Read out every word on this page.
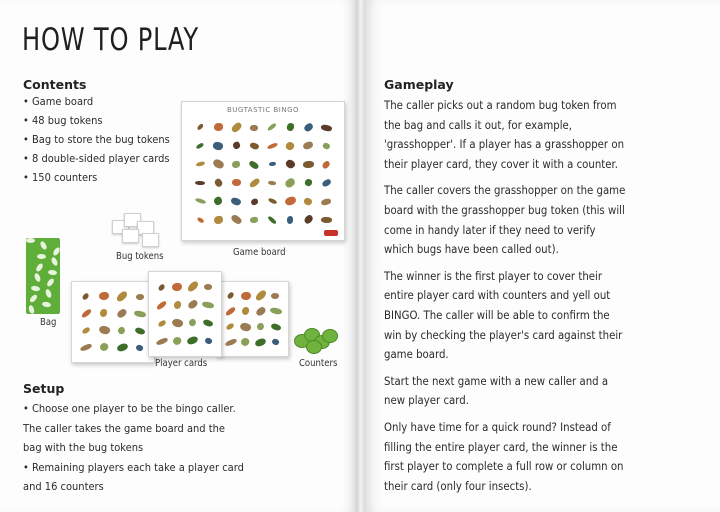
HOW TO PLAY
Contents
• Game board
• 48 bug tokens
• Bag to store the bug tokens
• 8 double-sided player cards
• 150 counters
BUGTASTIC BINGO
Game board
Bug tokens
Bag
Player cards	Counters
Setup

• Choose one player to be the bingo caller.

The caller takes the game board and the

bag with the bug tokens

• Remaining players each take a player card

and 16 counters

Gameplay

The caller picks out a random bug token from the bag and calls it out, for example, 'grasshopper'. If a player has a grasshopper on their player card, they cover it with a counter.

The caller covers the grasshopper on the game board with the grasshopper bug token (this will come in handy later if they need to verify which bugs have been called out).

The winner is the first player to cover their entire player card with counters and yell out BINGO. The caller will be able to confirm the win by checking the player's card against their game board.

Start the next game with a new caller and a new player card.

Only have time for a quick round? Instead of filling the entire player card, the winner is the first player to complete a full row or column on their card (only four insects).
